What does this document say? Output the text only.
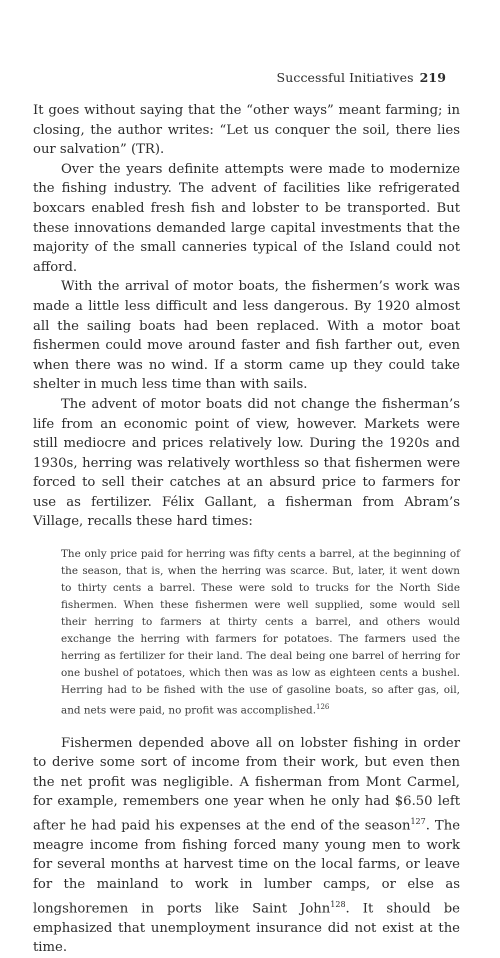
Successful Initiatives 219

It goes without saying that the “other ways” meant farming; in closing, the author writes: “Let us conquer the soil, there lies our salvation” (TR).

Over the years definite attempts were made to modernize the fishing industry. The advent of facilities like refrigerated boxcars enabled fresh fish and lobster to be transported. But these innovations demanded large capital investments that the majority of the small canneries typical of the Island could not afford.

With the arrival of motor boats, the fishermen’s work was made a little less difficult and less dangerous. By 1920 almost all the sailing boats had been replaced. With a motor boat fishermen could move around faster and fish farther out, even when there was no wind. If a storm came up they could take shelter in much less time than with sails.

The advent of motor boats did not change the fisherman’s life from an economic point of view, however. Markets were still mediocre and prices relatively low. During the 1920s and 1930s, herring was relatively worthless so that fishermen were forced to sell their catches at an absurd price to farmers for use as fertilizer. Félix Gallant, a fisherman from Abram’s Village, recalls these hard times:

The only price paid for herring was fifty cents a barrel, at the beginning of the season, that is, when the herring was scarce. But, later, it went down to thirty cents a barrel. These were sold to trucks for the North Side fishermen. When these fishermen were well supplied, some would sell their herring to farmers at thirty cents a barrel, and others would exchange the herring with farmers for potatoes. The farmers used the herring as fertilizer for their land. The deal being one barrel of herring for one bushel of potatoes, which then was as low as eighteen cents a bushel. Herring had to be fished with the use of gasoline boats, so after gas, oil, and nets were paid, no profit was accomplished.$^{126}$

Fishermen depended above all on lobster fishing in order to derive some sort of income from their work, but even then the net profit was negligible. A fisherman from Mont Carmel, for example, remembers one year when he only had $6.50 left after he had paid his expenses at the end of the season$^{127}$. The meagre income from fishing forced many young men to work for several months at harvest time on the local farms, or leave for the mainland to work in lumber camps, or else as longshoremen in ports like Saint John$^{128}$. It should be emphasized that unemployment insurance did not exist at the time.
